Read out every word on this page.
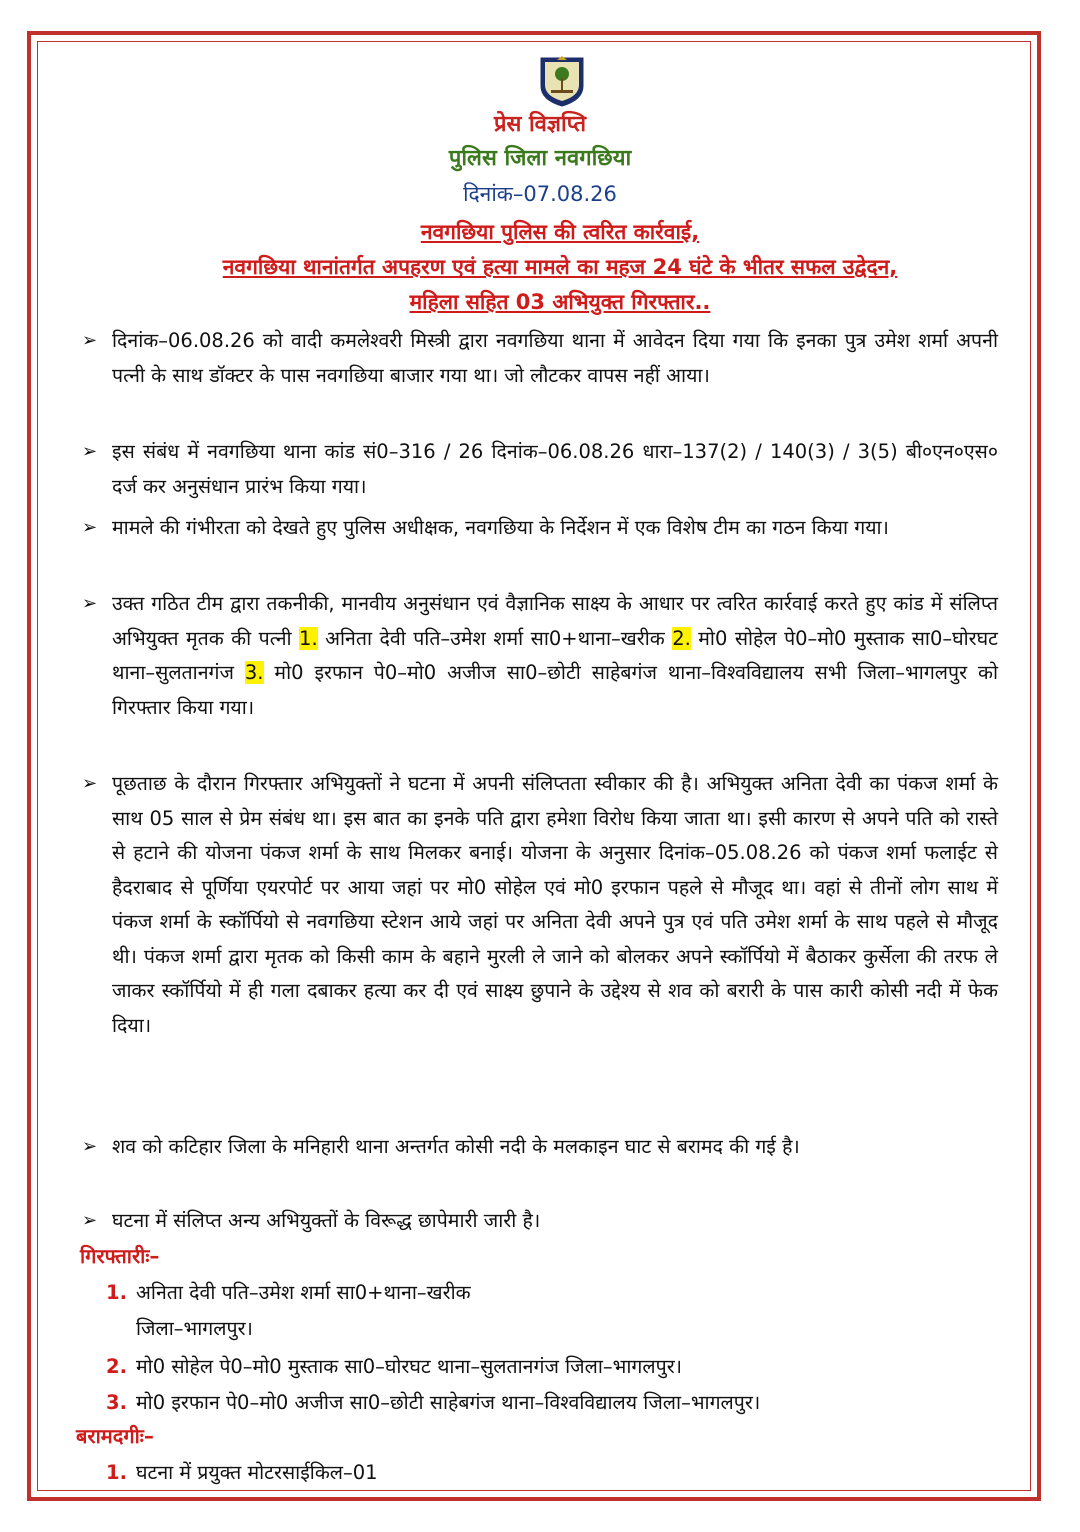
प्रेस विज्ञप्ति
पुलिस जिला नवगछिया
दिनांक–07.08.26
नवगछिया पुलिस की त्वरित कार्रवाई,
नवगछिया थानांतर्गत अपहरण एवं हत्या मामले का महज 24 घंटे के भीतर सफल उद्वेदन,
महिला सहित 03 अभियुक्त गिरफ्तार..
➢ दिनांक–06.08.26 को वादी कमलेश्वरी मिस्त्री द्वारा नवगछिया थाना में आवेदन दिया गया कि इनका पुत्र उमेश शर्मा अपनी पत्नी के साथ डॉक्टर के पास नवगछिया बाजार गया था। जो लौटकर वापस नहीं आया।
➢ इस संबंध में नवगछिया थाना कांड सं0–316 / 26 दिनांक–06.08.26 धारा–137(2) / 140(3) / 3(5) बी०एन०एस० दर्ज कर अनुसंधान प्रारंभ किया गया।
➢ मामले की गंभीरता को देखते हुए पुलिस अधीक्षक, नवगछिया के निर्देशन में एक विशेष टीम का गठन किया गया।
➢ उक्त गठित टीम द्वारा तकनीकी, मानवीय अनुसंधान एवं वैज्ञानिक साक्ष्य के आधार पर त्वरित कार्रवाई करते हुए कांड में संलिप्त अभियुक्त मृतक की पत्नी 1. अनिता देवी पति–उमेश शर्मा सा0+थाना–खरीक 2. मो0 सोहेल पे0–मो0 मुस्ताक सा0–घोरघट थाना–सुलतानगंज 3. मो0 इरफान पे0–मो0 अजीज सा0–छोटी साहेबगंज थाना–विश्वविद्यालय सभी जिला–भागलपुर को गिरफ्तार किया गया।
➢ पूछताछ के दौरान गिरफ्तार अभियुक्तों ने घटना में अपनी संलिप्तता स्वीकार की है। अभियुक्त अनिता देवी का पंकज शर्मा के साथ 05 साल से प्रेम संबंध था। इस बात का इनके पति द्वारा हमेशा विरोध किया जाता था। इसी कारण से अपने पति को रास्ते से हटाने की योजना पंकज शर्मा के साथ मिलकर बनाई। योजना के अनुसार दिनांक–05.08.26 को पंकज शर्मा फलाईट से हैदराबाद से पूर्णिया एयरपोर्ट पर आया जहां पर मो0 सोहेल एवं मो0 इरफान पहले से मौजूद था। वहां से तीनों लोग साथ में पंकज शर्मा के स्कॉर्पियो से नवगछिया स्टेशन आये जहां पर अनिता देवी अपने पुत्र एवं पति उमेश शर्मा के साथ पहले से मौजूद थी। पंकज शर्मा द्वारा मृतक को किसी काम के बहाने मुरली ले जाने को बोलकर अपने स्कॉर्पियो में बैठाकर कुर्सेला की तरफ ले जाकर स्कॉर्पियो में ही गला दबाकर हत्या कर दी एवं साक्ष्य छुपाने के उद्देश्य से शव को बरारी के पास कारी कोसी नदी में फेक दिया।
➢ शव को कटिहार जिला के मनिहारी थाना अन्तर्गत कोसी नदी के मलकाइन घाट से बरामद की गई है।
➢ घटना में संलिप्त अन्य अभियुक्तों के विरूद्ध छापेमारी जारी है।
गिरफ्तारीः–
1. अनिता देवी पति–उमेश शर्मा सा0+थाना–खरीक
जिला–भागलपुर।
2. मो0 सोहेल पे0–मो0 मुस्ताक सा0–घोरघट थाना–सुलतानगंज जिला–भागलपुर।
3. मो0 इरफान पे0–मो0 अजीज सा0–छोटी साहेबगंज थाना–विश्वविद्यालय जिला–भागलपुर।
बरामदगीः–
1. घटना में प्रयुक्त मोटरसाईकिल–01
